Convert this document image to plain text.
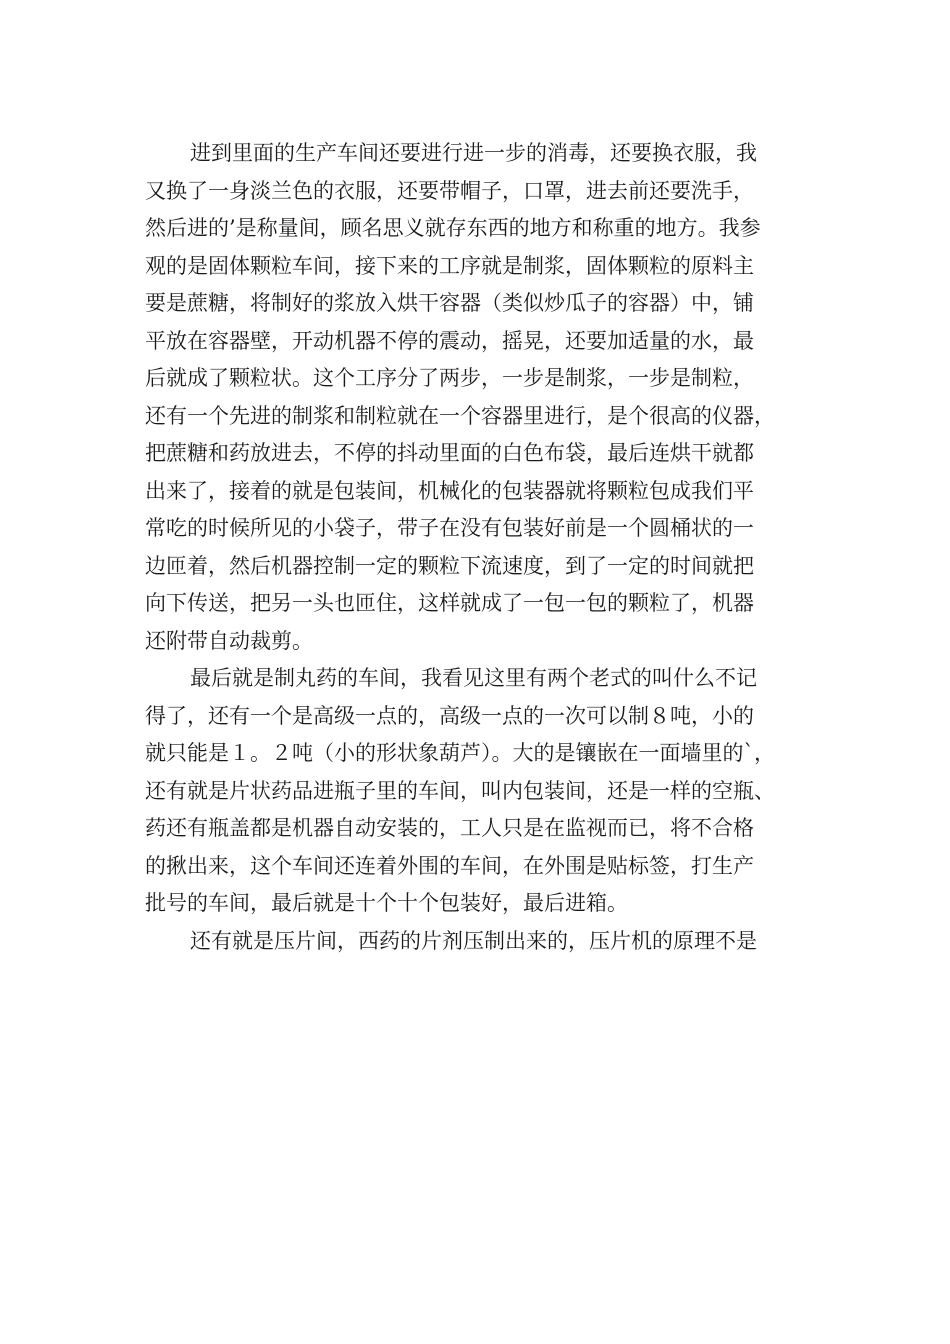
进到里面的生产车间还要进行进一步的消毒，还要换衣服，我
又换了一身淡兰色的衣服，还要带帽子，口罩，进去前还要洗手，
然后进的’是称量间，顾名思义就存东西的地方和称重的地方。我参
观的是固体颗粒车间，接下来的工序就是制浆，固体颗粒的原料主
要是蔗糖，将制好的浆放入烘干容器（类似炒瓜子的容器）中，铺
平放在容器壁，开动机器不停的震动，摇晃，还要加适量的水，最
后就成了颗粒状。这个工序分了两步，一步是制浆，一步是制粒，
还有一个先进的制浆和制粒就在一个容器里进行，是个很高的仪器，
把蔗糖和药放进去，不停的抖动里面的白色布袋，最后连烘干就都
出来了，接着的就是包装间，机械化的包装器就将颗粒包成我们平
常吃的时候所见的小袋子，带子在没有包装好前是一个圆桶状的一
边匝着，然后机器控制一定的颗粒下流速度，到了一定的时间就把
向下传送，把另一头也匝住，这样就成了一包一包的颗粒了，机器
还附带自动裁剪。
最后就是制丸药的车间，我看见这里有两个老式的叫什么不记
得了，还有一个是高级一点的，高级一点的一次可以制８吨，小的
就只能是１。２吨（小的形状象葫芦）。大的是镶嵌在一面墙里的`，
还有就是片状药品进瓶子里的车间，叫内包装间，还是一样的空瓶、
药还有瓶盖都是机器自动安装的，工人只是在监视而已，将不合格
的揪出来，这个车间还连着外围的车间，在外围是贴标签，打生产
批号的车间，最后就是十个十个包装好，最后进箱。
还有就是压片间，西药的片剂压制出来的，压片机的原理不是
